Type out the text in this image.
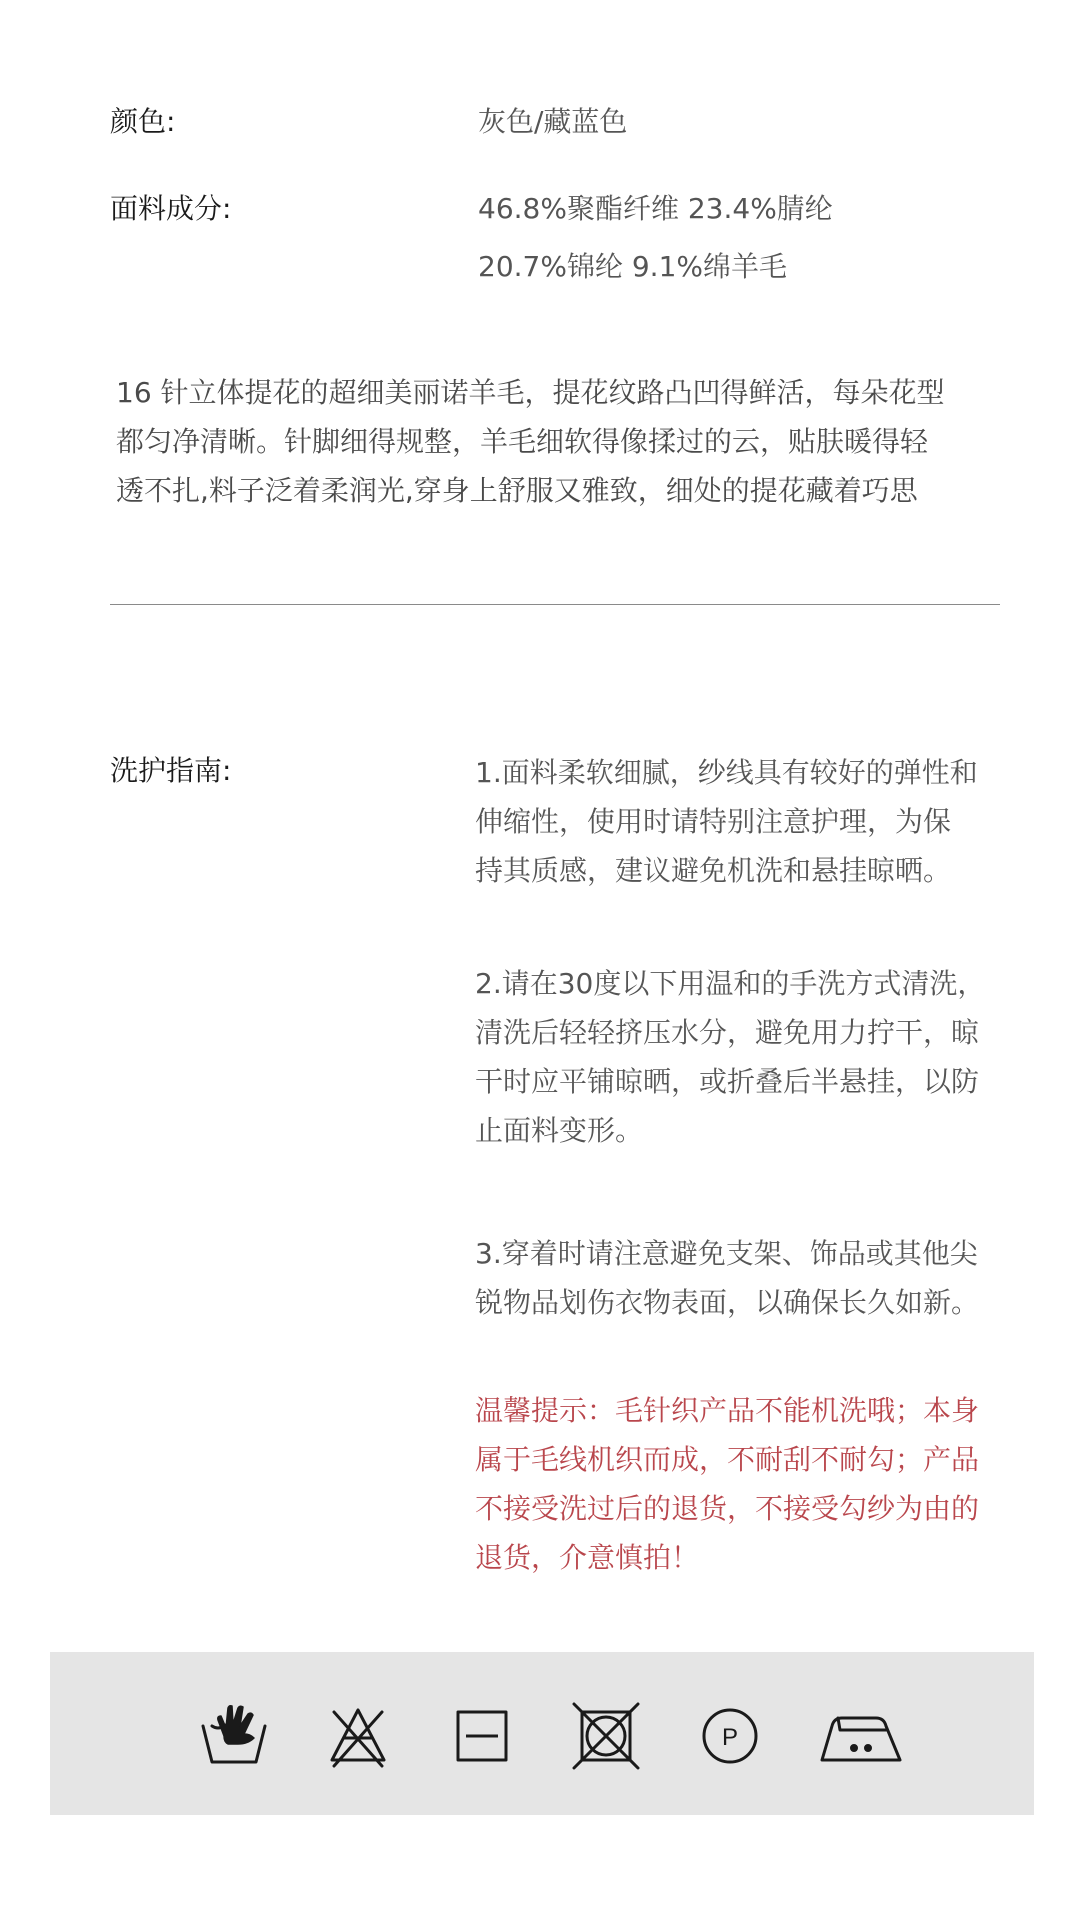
颜色:	灰色/藏蓝色
面料成分:	46.8%聚酯纤维 23.4%腈纶
20.7%锦纶 9.1%绵羊毛
16 针立体提花的超细美丽诺羊毛，提花纹路凸凹得鲜活，每朵花型
都匀净清晰。针脚细得规整，羊毛细软得像揉过的云，贴肤暖得轻
透不扎,料子泛着柔润光,穿身上舒服又雅致，细处的提花藏着巧思
洗护指南:	1.面料柔软细腻，纱线具有较好的弹性和
伸缩性，使用时请特别注意护理，为保
持其质感，建议避免机洗和悬挂晾晒。
2.请在30度以下用温和的手洗方式清洗，
清洗后轻轻挤压水分，避免用力拧干，晾
干时应平铺晾晒，或折叠后半悬挂，以防
止面料变形。
3.穿着时请注意避免支架、饰品或其他尖
锐物品划伤衣物表面，以确保长久如新。
温馨提示：毛针织产品不能机洗哦；本身
属于毛线机织而成，不耐刮不耐勾；产品
不接受洗过后的退货，不接受勾纱为由的
退货，介意慎拍！
P
